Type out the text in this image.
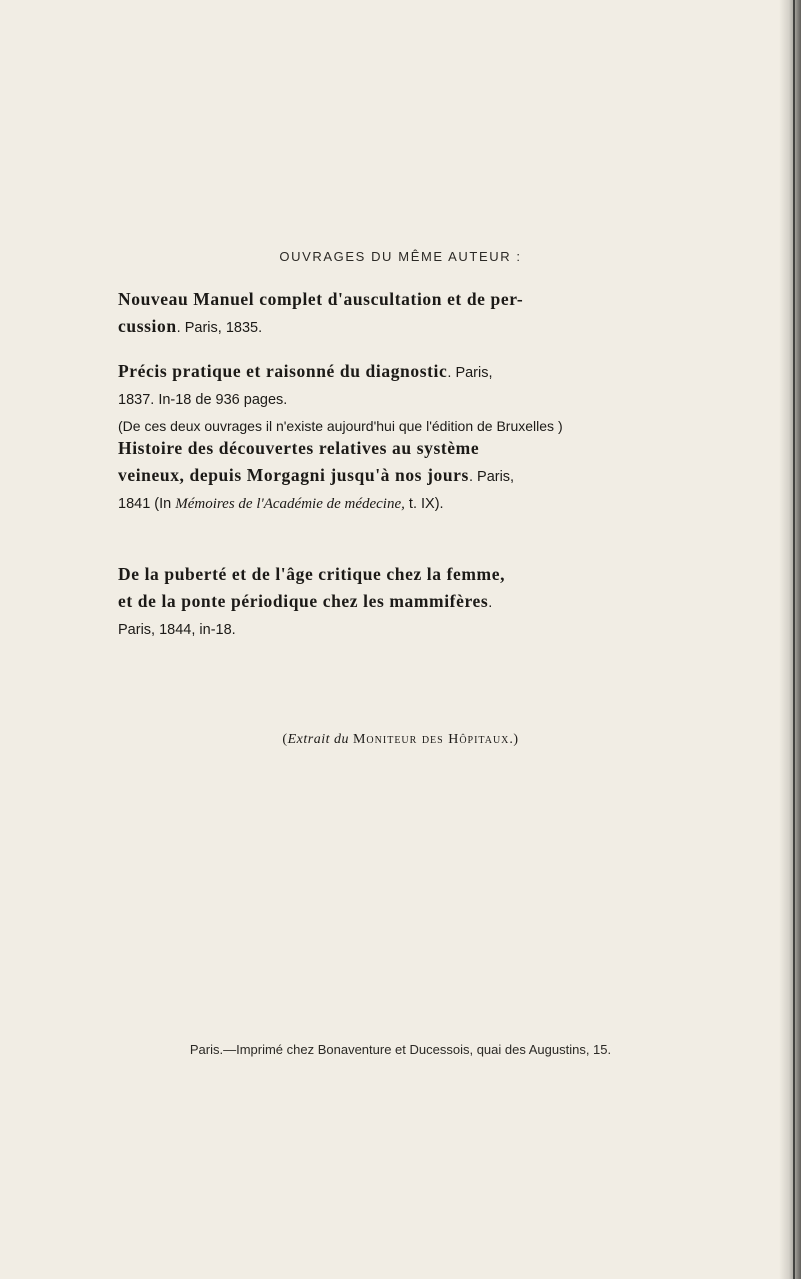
OUVRAGES DU MÊME AUTEUR :
Nouveau Manuel complet d'auscultation et de per-
cussion. Paris, 1835.
Précis pratique et raisonné du diagnostic. Paris,
1837. In-18 de 936 pages.
(De ces deux ouvrages il n'existe aujourd'hui que l'édition de Bruxelles )
Histoire des découvertes relatives au système
veineux, depuis Morgagni jusqu'à nos jours. Paris,
1841 (In Mémoires de l'Académie de médecine, t. IX).
De la puberté et de l'âge critique chez la femme,
et de la ponte périodique chez les mammifères.
Paris, 1844, in-18.
(Extrait du Moniteur des Hôpitaux.)
Paris.—Imprimé chez Bonaventure et Ducessois, quai des Augustins, 15.
